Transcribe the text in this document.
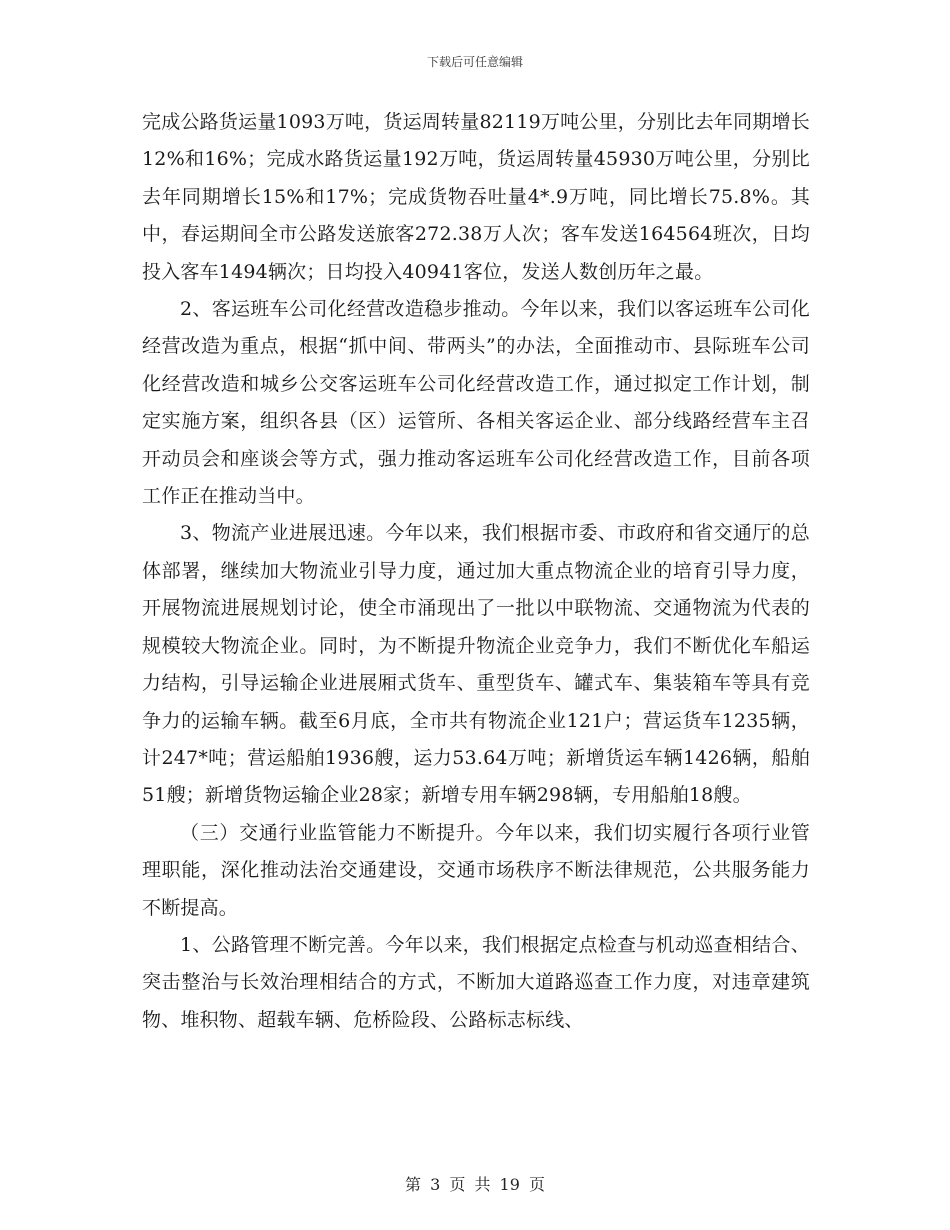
下载后可任意编辑

完成公路货运量1093万吨，货运周转量82119万吨公里，分别比去年同期增长12%和16%；完成水路货运量192万吨，货运周转量45930万吨公里，分别比去年同期增长15%和17%；完成货物吞吐量4*.9万吨，同比增长75.8%。其中，春运期间全市公路发送旅客272.38万人次；客车发送164564班次，日均投入客车1494辆次；日均投入40941客位，发送人数创历年之最。

2、客运班车公司化经营改造稳步推动。今年以来，我们以客运班车公司化经营改造为重点，根据“抓中间、带两头”的办法，全面推动市、县际班车公司化经营改造和城乡公交客运班车公司化经营改造工作，通过拟定工作计划，制定实施方案，组织各县（区）运管所、各相关客运企业、部分线路经营车主召开动员会和座谈会等方式，强力推动客运班车公司化经营改造工作，目前各项工作正在推动当中。

3、物流产业进展迅速。今年以来，我们根据市委、市政府和省交通厅的总体部署，继续加大物流业引导力度，通过加大重点物流企业的培育引导力度，开展物流进展规划讨论，使全市涌现出了一批以中联物流、交通物流为代表的规模较大物流企业。同时，为不断提升物流企业竞争力，我们不断优化车船运力结构，引导运输企业进展厢式货车、重型货车、罐式车、集装箱车等具有竞争力的运输车辆。截至6月底，全市共有物流企业121户；营运货车1235辆，计247*吨；营运船舶1936艘，运力53.64万吨；新增货运车辆1426辆，船舶51艘；新增货物运输企业28家；新增专用车辆298辆，专用船舶18艘。

（三）交通行业监管能力不断提升。今年以来，我们切实履行各项行业管理职能，深化推动法治交通建设，交通市场秩序不断法律规范，公共服务能力不断提高。

1、公路管理不断完善。今年以来，我们根据定点检查与机动巡查相结合、突击整治与长效治理相结合的方式，不断加大道路巡查工作力度，对违章建筑物、堆积物、超载车辆、危桥险段、公路标志标线、

第 3 页 共 19 页
